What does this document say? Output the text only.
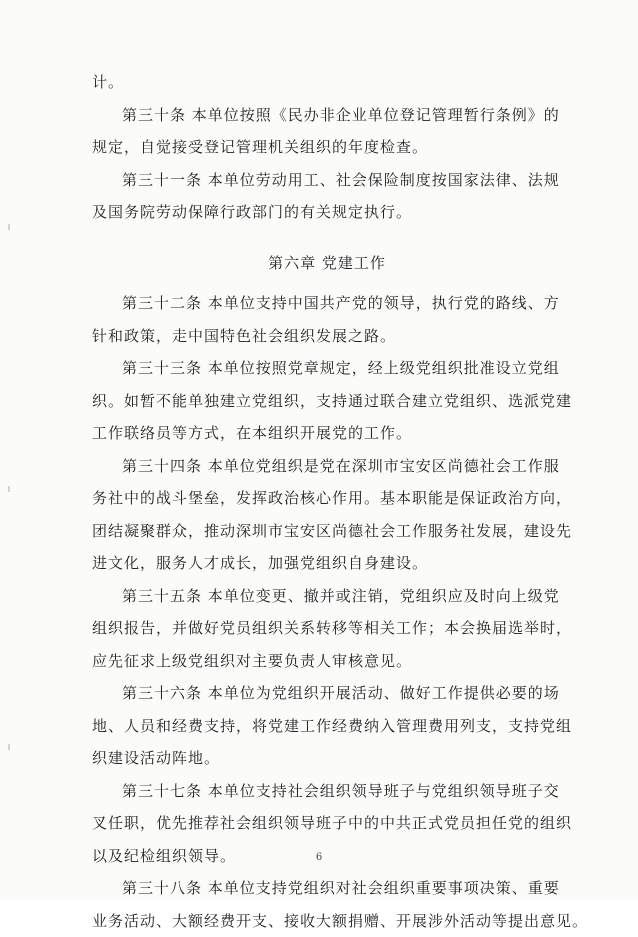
计。

第三十条 本单位按照《民办非企业单位登记管理暂行条例》的

规定，自觉接受登记管理机关组织的年度检查。

第三十一条 本单位劳动用工、社会保险制度按国家法律、法规

及国务院劳动保障行政部门的有关规定执行。

第六章 党建工作

第三十二条 本单位支持中国共产党的领导，执行党的路线、方

针和政策，走中国特色社会组织发展之路。

第三十三条 本单位按照党章规定，经上级党组织批准设立党组

织。如暂不能单独建立党组织，支持通过联合建立党组织、选派党建

工作联络员等方式，在本组织开展党的工作。

第三十四条 本单位党组织是党在深圳市宝安区尚德社会工作服

务社中的战斗堡垒，发挥政治核心作用。基本职能是保证政治方向，

团结凝聚群众，推动深圳市宝安区尚德社会工作服务社发展，建设先

进文化，服务人才成长，加强党组织自身建设。

第三十五条 本单位变更、撤并或注销，党组织应及时向上级党

组织报告，并做好党员组织关系转移等相关工作；本会换届选举时，

应先征求上级党组织对主要负责人审核意见。

第三十六条 本单位为党组织开展活动、做好工作提供必要的场

地、人员和经费支持，将党建工作经费纳入管理费用列支，支持党组

织建设活动阵地。

第三十七条 本单位支持社会组织领导班子与党组织领导班子交

叉任职，优先推荐社会组织领导班子中的中共正式党员担任党的组织

以及纪检组织领导。

第三十八条 本单位支持党组织对社会组织重要事项决策、重要

业务活动、大额经费开支、接收大额捐赠、开展涉外活动等提出意见。

6
